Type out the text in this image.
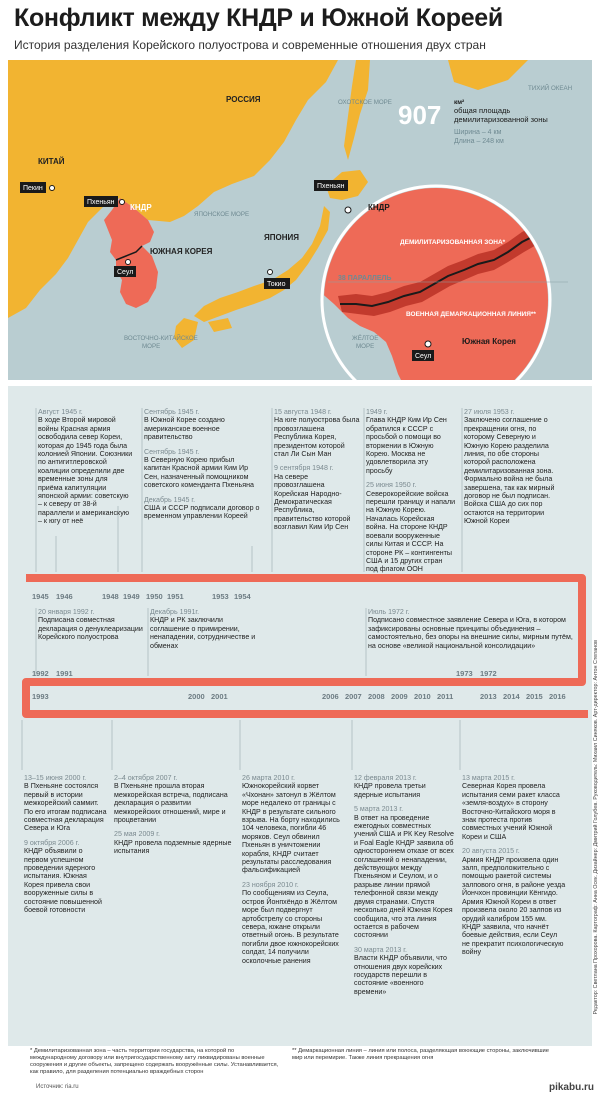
Конфликт между КНДР и Южной Кореей
История разделения Корейского полуострова и современные отношения двух стран
РОССИЯ
КИТАЙ
КНДР
ЮЖНАЯ КОРЕЯ
ЯПОНИЯ
ТИХИЙ ОКЕАН
ОХОТСКОЕ МОРЕ
ЯПОНСКОЕ МОРЕ
ВОСТОЧНО-КИТАЙСКОЕ
МОРЕ
Пекин
Пхеньян
Сеул
Токио
907 км²
общая площадь
демилитаризованной зоны
Ширина – 4 км
Длина – 248 км
Пхеньян
КНДР
ДЕМИЛИТАРИЗОВАННАЯ ЗОНА*
38 ПАРАЛЛЕЛЬ
ВОЕННАЯ ДЕМАРКАЦИОННАЯ ЛИНИЯ**
Южная Корея
ЖЁЛТОЕ
МОРЕ
Сеул
1945 1946	1948 1949 1950 1951	1953 1954
1992 1991	1973 1972
1993	2000 2001	2006 2007 2008 2009 2010 2011	2013 2014 2015 2016
Август 1945 г.

В ходе Второй мировой войны Красная армия освободила север Кореи, которая до 1945 года была колонией Японии. Союзники по антигитлеровской коалиции определили две временные зоны для приёма капитуляции японской армии: советскую – к северу от 38-й параллели и американскую – к югу от неё

Сентябрь 1945 г.

В Южной Корее создано американское военное правительство

Сентябрь 1945 г.

В Северную Корею прибыл капитан Красной армии Ким Ир Сен, назначенный помощником советского коменданта Пхеньяна

Декабрь 1945 г.

США и СССР подписали договор о временном управлении Кореей

15 августа 1948 г.

На юге полуострова была провозглашена Республика Корея, президентом которой стал Ли Сын Ман

9 сентября 1948 г.

На севере провозглашена Корейская Народно-Демократическая Республика, правительство которой возглавил Ким Ир Сен

1949 г.

Глава КНДР Ким Ир Сен обратился к СССР с просьбой о помощи во вторжении в Южную Корею. Москва не удовлетворила эту просьбу

25 июня 1950 г.

Северокорейские войска перешли границу и напали на Южную Корею. Началась Корейская война. На стороне КНДР воевали вооруженные силы Китая и СССР. На стороне РК – контингенты США и 15 других стран под флагом ООН

27 июля 1953 г.

Заключено соглашение о прекращении огня, по которому Северную и Южную Корею разделила линия, по обе стороны которой расположена демилитаризованная зона. Формально война не была завершена, так как мирный договор не был подписан. Войска США до сих пор остаются на территории Южной Кореи

20 января 1992 г.

Подписана совместная декларация о денуклеаризации Корейского полуострова

Декабрь 1991г.

КНДР и РК заключили соглашение о примирении, ненападении, сотрудничестве и обменах

Июль 1972 г.

Подписано совместное заявление Севера и Юга, в котором зафиксированы основные принципы объединения – самостоятельно, без опоры на внешние силы, мирным путём, на основе «великой национальной консолидации»

13–15 июня 2000 г.

В Пхеньяне состоялся первый в истории межкорейский саммит. По его итогам подписана совместная декларация Севера и Юга

9 октября 2006 г.

КНДР объявили о первом успешном проведении ядерного испытания. Южная Корея привела свои вооруженные силы в состояние повышенной боевой готовности

2–4 октября 2007 г.

В Пхеньяне прошла вторая межкорейская встреча, подписана декларация о развитии межкорейских отношений, мире и процветании

25 мая 2009 г.

КНДР провела подземные ядерные испытания

26 марта 2010 г.

Южнокорейский корвет «Чхонан» затонул в Жёлтом море недалеко от границы с КНДР в результате сильного взрыва. На борту находились 104 человека, погибли 46 моряков. Сеул обвинил Пхеньян в уничтожении корабля, КНДР считает результаты расследования фальсификацией

23 ноября 2010 г.

По сообщениям из Сеула, остров Йонпхёндо в Жёлтом море был подвергнут артобстрелу со стороны севера, южане открыли ответный огонь. В результате погибли двое южнокорейских солдат, 14 получили осколочные ранения

12 февраля 2013 г.

КНДР провела третьи ядерные испытания

5 марта 2013 г.

В ответ на проведение ежегодных совместных учений США и РК Key Resolve и Foal Eagle КНДР заявила об одностороннем отказе от всех соглашений о ненападении, действующих между Пхеньяном и Сеулом, и о разрыве линии прямой телефонной связи между двумя странами. Спустя несколько дней Южная Корея сообщила, что эта линия остается в рабочем состоянии

30 марта 2013 г.

Власти КНДР объявили, что отношения двух корейских государств перешли в состояние «военного времени»

13 марта 2015 г.

Северная Корея провела испытания семи ракет класса «земля-воздух» в сторону Восточно-Китайского моря в знак протеста против совместных учений Южной Кореи и США

20 августа 2015 г.

Армия КНДР произвела один залп, предположительно с помощью ракетой системы залпового огня, в районе уезда Йончхон провинции Кёнгидо. Армия Южной Кореи в ответ произвела около 20 залпов из орудий калибром 155 мм. КНДР заявила, что начнёт боевые действия, если Сеул не прекратит психологическую войну

* Демилитаризованная зона – часть территории государства, на которой по международному договору или внутригосударственному акту ликвидированы военные сооружения и другие объекты, запрещено содержать вооружённые силы. Устанавливается, как правило, для разделения потенциально враждебных сторон
** Демаркационная линия – линия или полоса, разделяющая воюющие стороны, заключившие мир или перемирие. Также линия прекращения огня
Источник: ria.ru	pikabu.ru
Редактор: Светлана Прохорова. Картограф: Анна Осек. Дизайнер: Дмитрий Голубев. Руководитель: Михаил Синяков. Арт-директор: Антон Степанов
